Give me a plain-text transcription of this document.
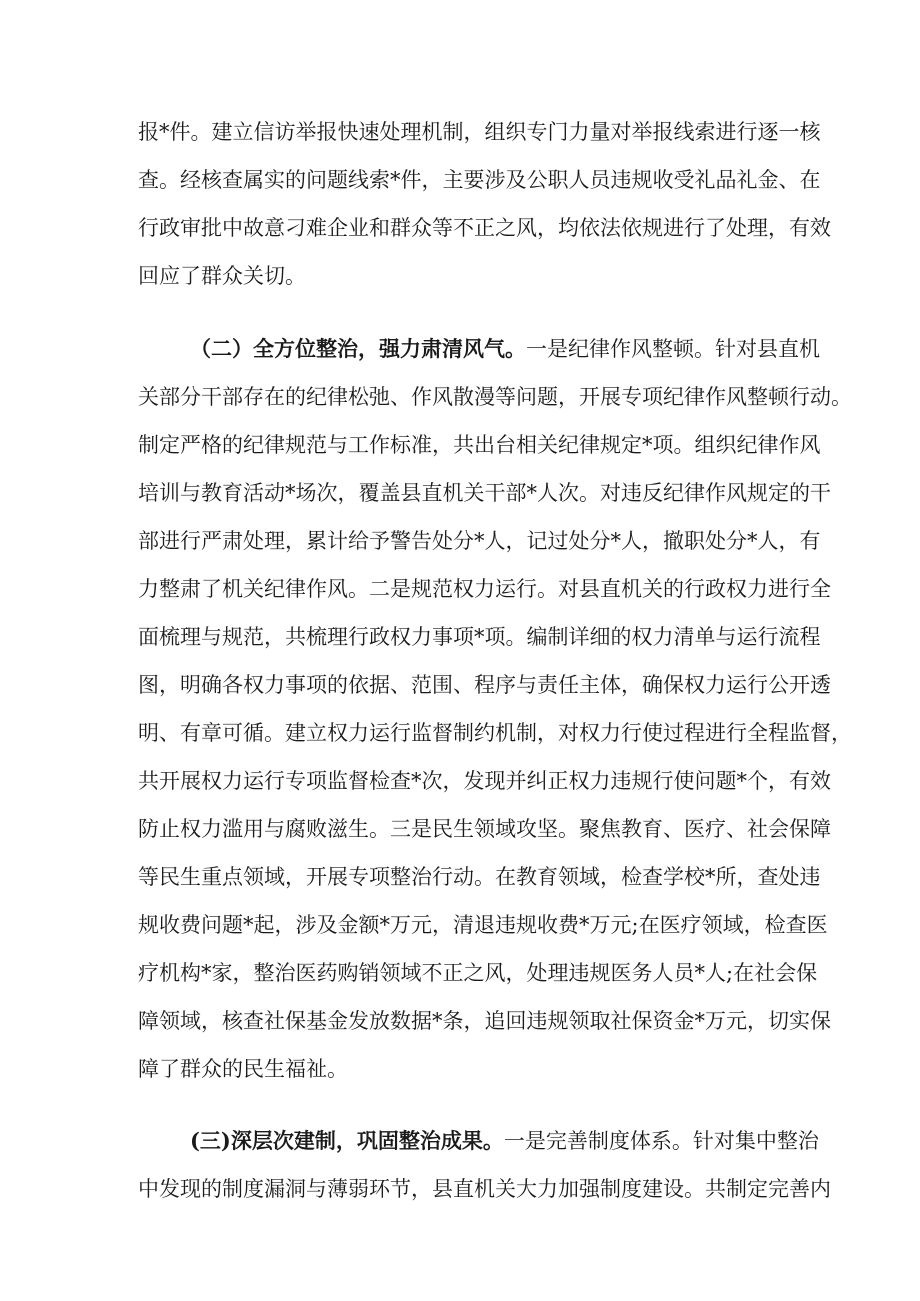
报*件。建立信访举报快速处理机制，组织专门力量对举报线索进行逐一核
查。经核查属实的问题线索*件，主要涉及公职人员违规收受礼品礼金、在
行政审批中故意刁难企业和群众等不正之风，均依法依规进行了处理，有效
回应了群众关切。
（二）全方位整治，强力肃清风气。一是纪律作风整顿。针对县直机
关部分干部存在的纪律松弛、作风散漫等问题，开展专项纪律作风整顿行动。
制定严格的纪律规范与工作标准，共出台相关纪律规定*项。组织纪律作风
培训与教育活动*场次，覆盖县直机关干部*人次。对违反纪律作风规定的干
部进行严肃处理，累计给予警告处分*人，记过处分*人，撤职处分*人，有
力整肃了机关纪律作风。二是规范权力运行。对县直机关的行政权力进行全
面梳理与规范，共梳理行政权力事项*项。编制详细的权力清单与运行流程
图，明确各权力事项的依据、范围、程序与责任主体，确保权力运行公开透
明、有章可循。建立权力运行监督制约机制，对权力行使过程进行全程监督，
共开展权力运行专项监督检查*次，发现并纠正权力违规行使问题*个，有效
防止权力滥用与腐败滋生。三是民生领域攻坚。聚焦教育、医疗、社会保障
等民生重点领域，开展专项整治行动。在教育领域，检查学校*所，查处违
规收费问题*起，涉及金额*万元，清退违规收费*万元;在医疗领域，检查医
疗机构*家，整治医药购销领域不正之风，处理违规医务人员*人;在社会保
障领域，核查社保基金发放数据*条，追回违规领取社保资金*万元，切实保
障了群众的民生福祉。
(三)深层次建制，巩固整治成果。一是完善制度体系。针对集中整治
中发现的制度漏洞与薄弱环节，县直机关大力加强制度建设。共制定完善内
